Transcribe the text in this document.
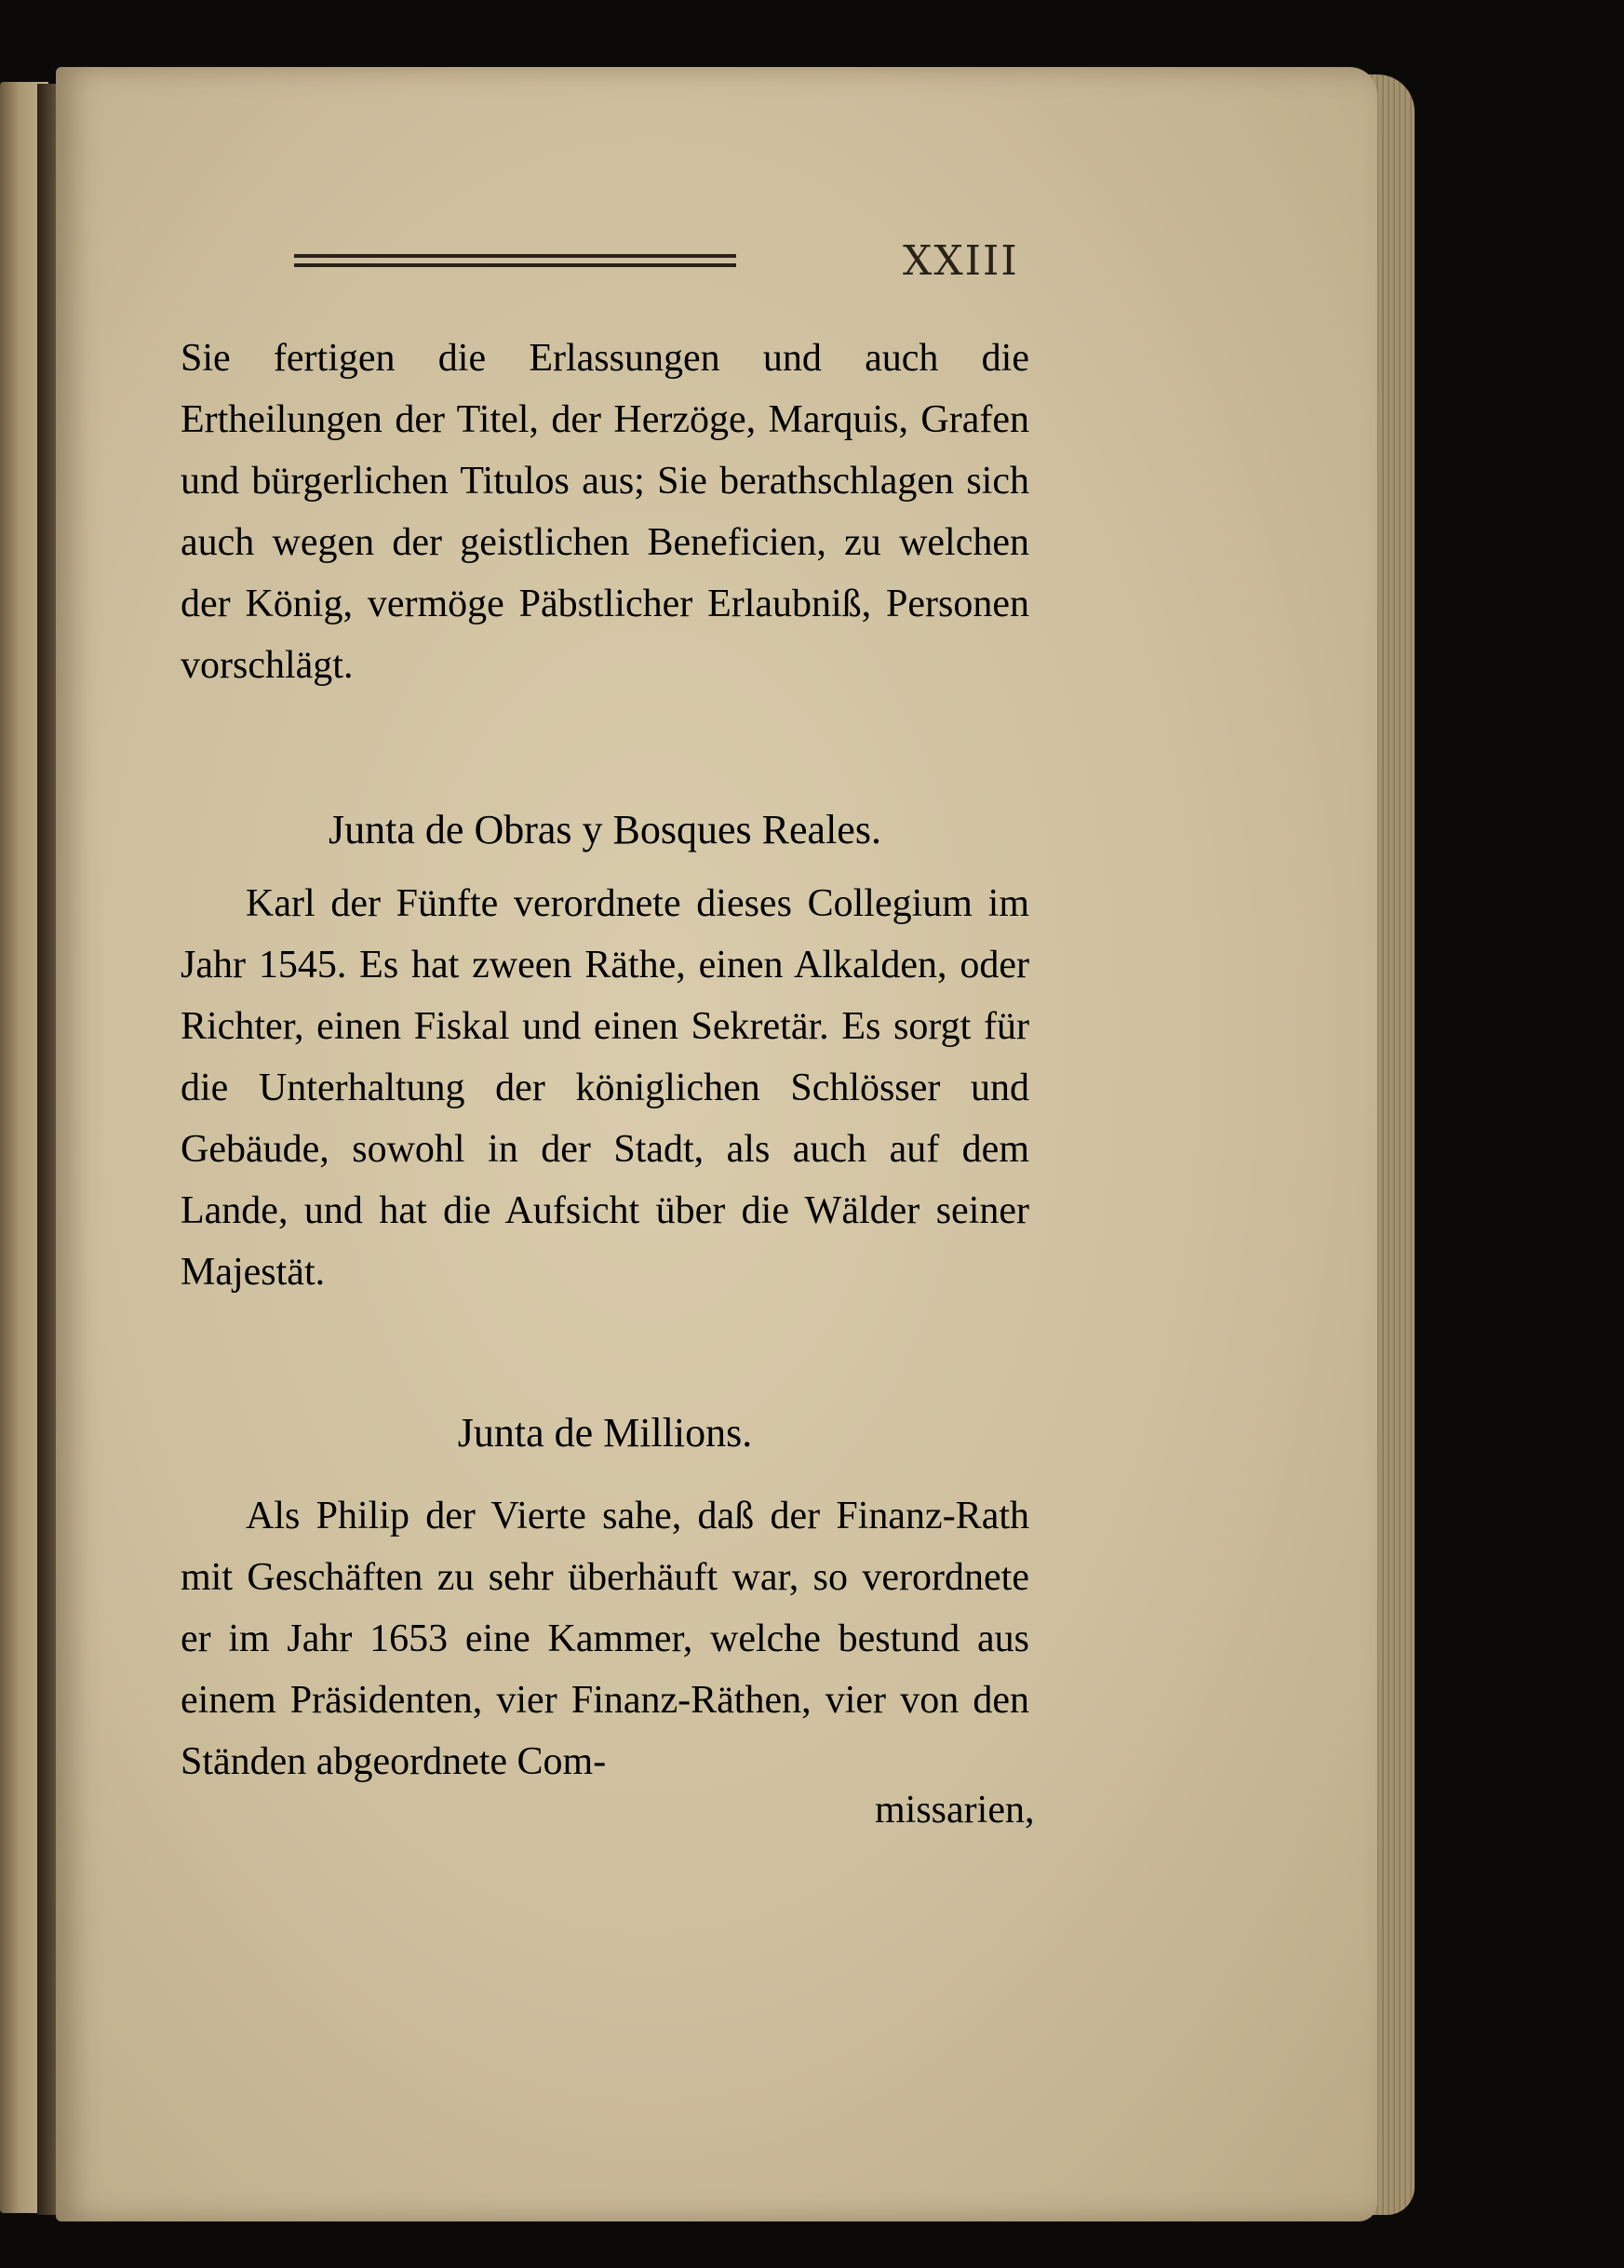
XXIII
Sie fertigen die Erlassungen und auch die Ertheilungen der Titel, der Herzöge, Marquis, Grafen und bürgerlichen Titulos aus; Sie berathschlagen sich auch wegen der geistlichen Beneficien, zu welchen der König, vermöge Päbstlicher Erlaubniß, Personen vorschlägt.
Junta de Obras y Bosques Reales.
Karl der Fünfte verordnete dieses Collegium im Jahr 1545. Es hat zween Räthe, einen Alkalden, oder Richter, einen Fiskal und einen Sekretär. Es sorgt für die Unterhaltung der königlichen Schlösser und Gebäude, sowohl in der Stadt, als auch auf dem Lande, und hat die Aufsicht über die Wälder seiner Majestät.
Junta de Millions.
Als Philip der Vierte sahe, daß der Finanz-Rath mit Geschäften zu sehr überhäuft war, so verordnete er im Jahr 1653 eine Kammer, welche bestund aus einem Präsidenten, vier Finanz-Räthen, vier von den Ständen abgeordnete Com-
missarien,
